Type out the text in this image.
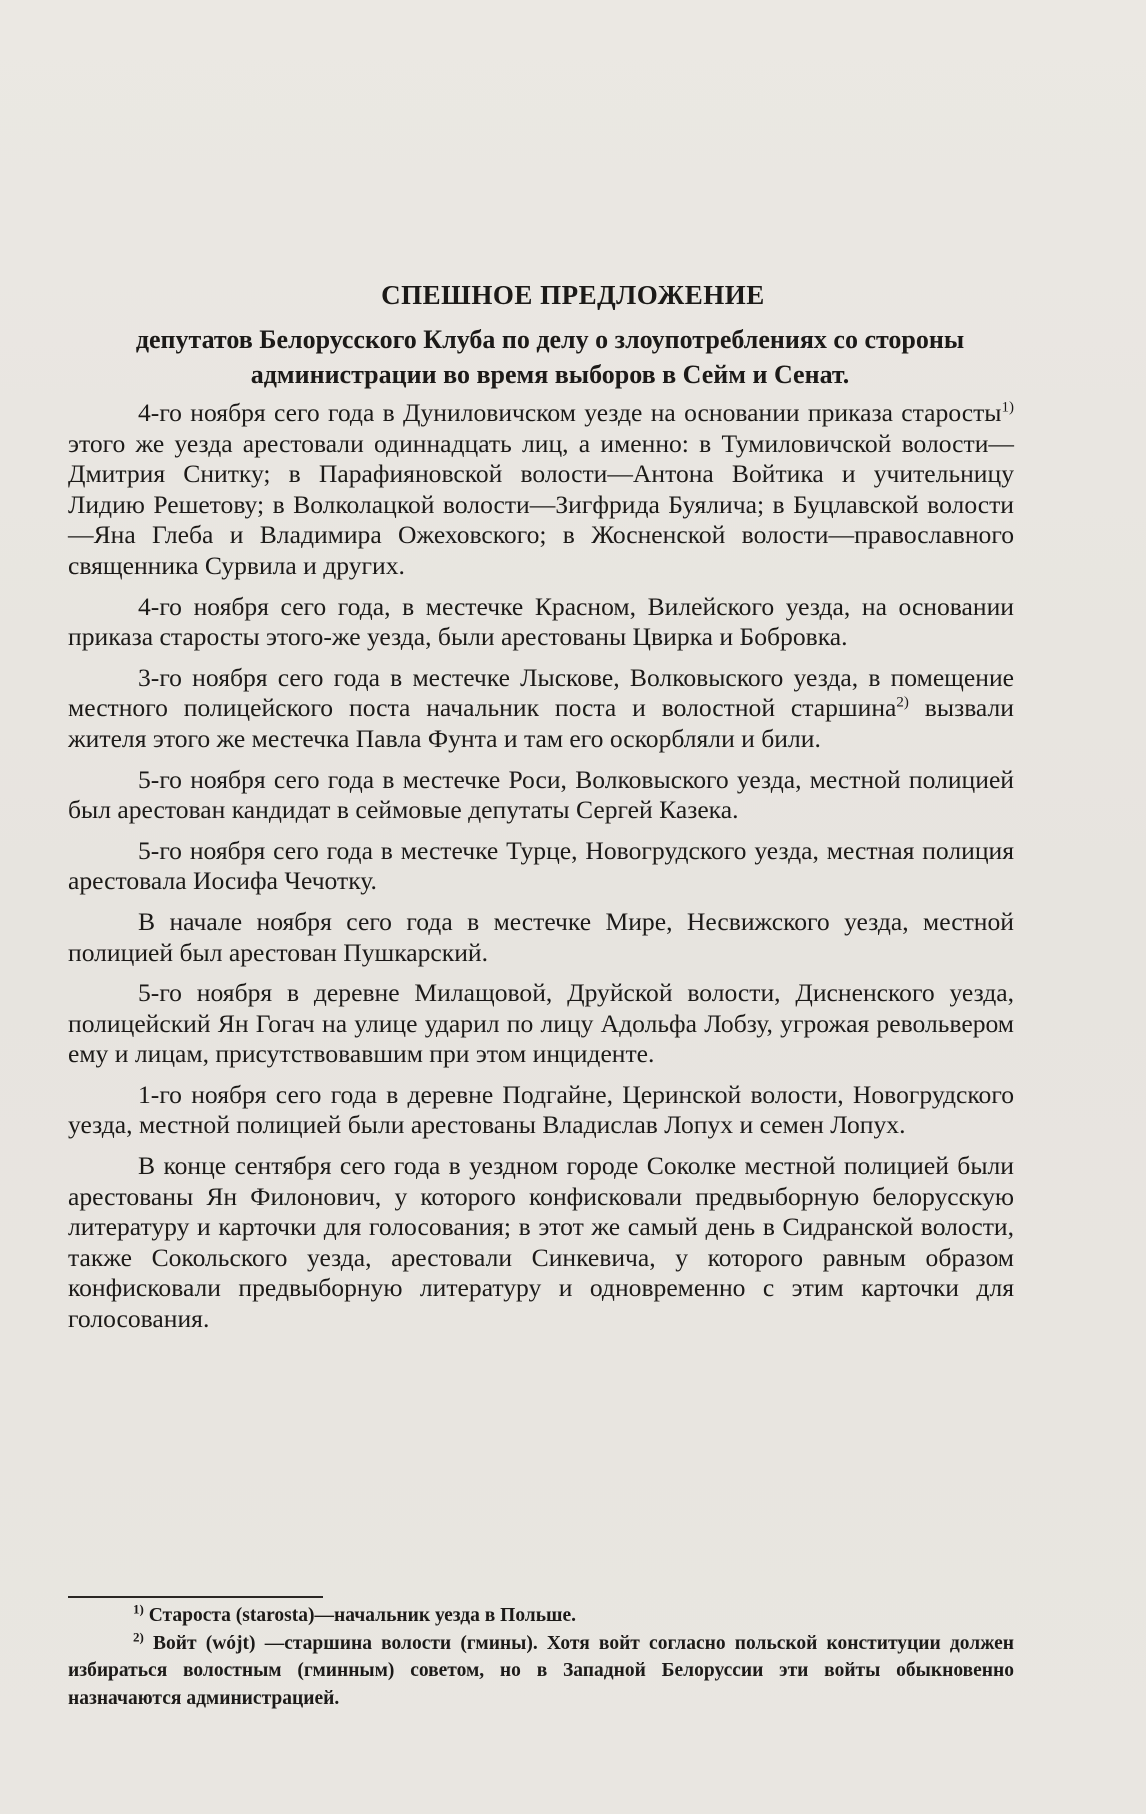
СПЕШНОЕ ПРЕДЛОЖЕНИЕ
депутатов Белорусского Клуба по делу о злоупотреблениях со стороны администрации во время выборов в Сейм и Сенат.

4-го ноября сего года в Дуниловичском уезде на основании приказа старосты$^{1)}$ этого же уезда арестовали одиннадцать лиц, а именно: в Тумиловичской волости—Дмитрия Снитку; в Парафияновской волости—Антона Войтика и учительницу Лидию Решетову; в Волколацкой волости—Зигфрида Буялича; в Буцлавской волости—Яна Глеба и Владимира Ожеховского; в Жосненской волости—православного священника Сурвила и других.

4-го ноября сего года, в местечке Красном, Вилейского уезда, на основании приказа старосты этого-же уезда, были арестованы Цвирка и Бобровка.

3-го ноября сего года в местечке Лыскове, Волковыского уезда, в помещение местного полицейского поста начальник поста и волостной старшина$^{2)}$ вызвали жителя этого же местечка Павла Фунта и там его оскорбляли и били.

5-го ноября сего года в местечке Роси, Волковыского уезда, местной полицией был арестован кандидат в сеймовые депутаты Сергей Казека.

5-го ноября сего года в местечке Турце, Новогрудского уезда, местная полиция арестовала Иосифа Чечотку.

В начале ноября сего года в местечке Мире, Несвижского уезда, местной полицией был арестован Пушкарский.

5-го ноября в деревне Милащовой, Друйской волости, Дисненского уезда, полицейский Ян Гогач на улице ударил по лицу Адольфа Лобзу, угрожая револьвером ему и лицам, присутствовавшим при этом инциденте.

1-го ноября сего года в деревне Подгайне, Церинской волости, Новогрудского уезда, местной полицией были арестованы Владислав Лопух и семен Лопух.

В конце сентября сего года в уездном городе Соколке местной полицией были арестованы Ян Филонович, у которого конфисковали предвыборную белорусскую литературу и карточки для голосования; в этот же самый день в Сидранской волости, также Сокольского уезда, арестовали Синкевича, у которого равным образом конфисковали предвыборную литературу и одновременно с этим карточки для голосования.

$^{1)}$ Староста (starosta)—начальник уезда в Польше.

$^{2)}$ Войт (wójt) —старшина волости (гмины). Хотя войт согласно польской конституции должен избираться волостным (гминным) советом, но в Западной Белоруссии эти войты обыкновенно назначаются администрацией.
